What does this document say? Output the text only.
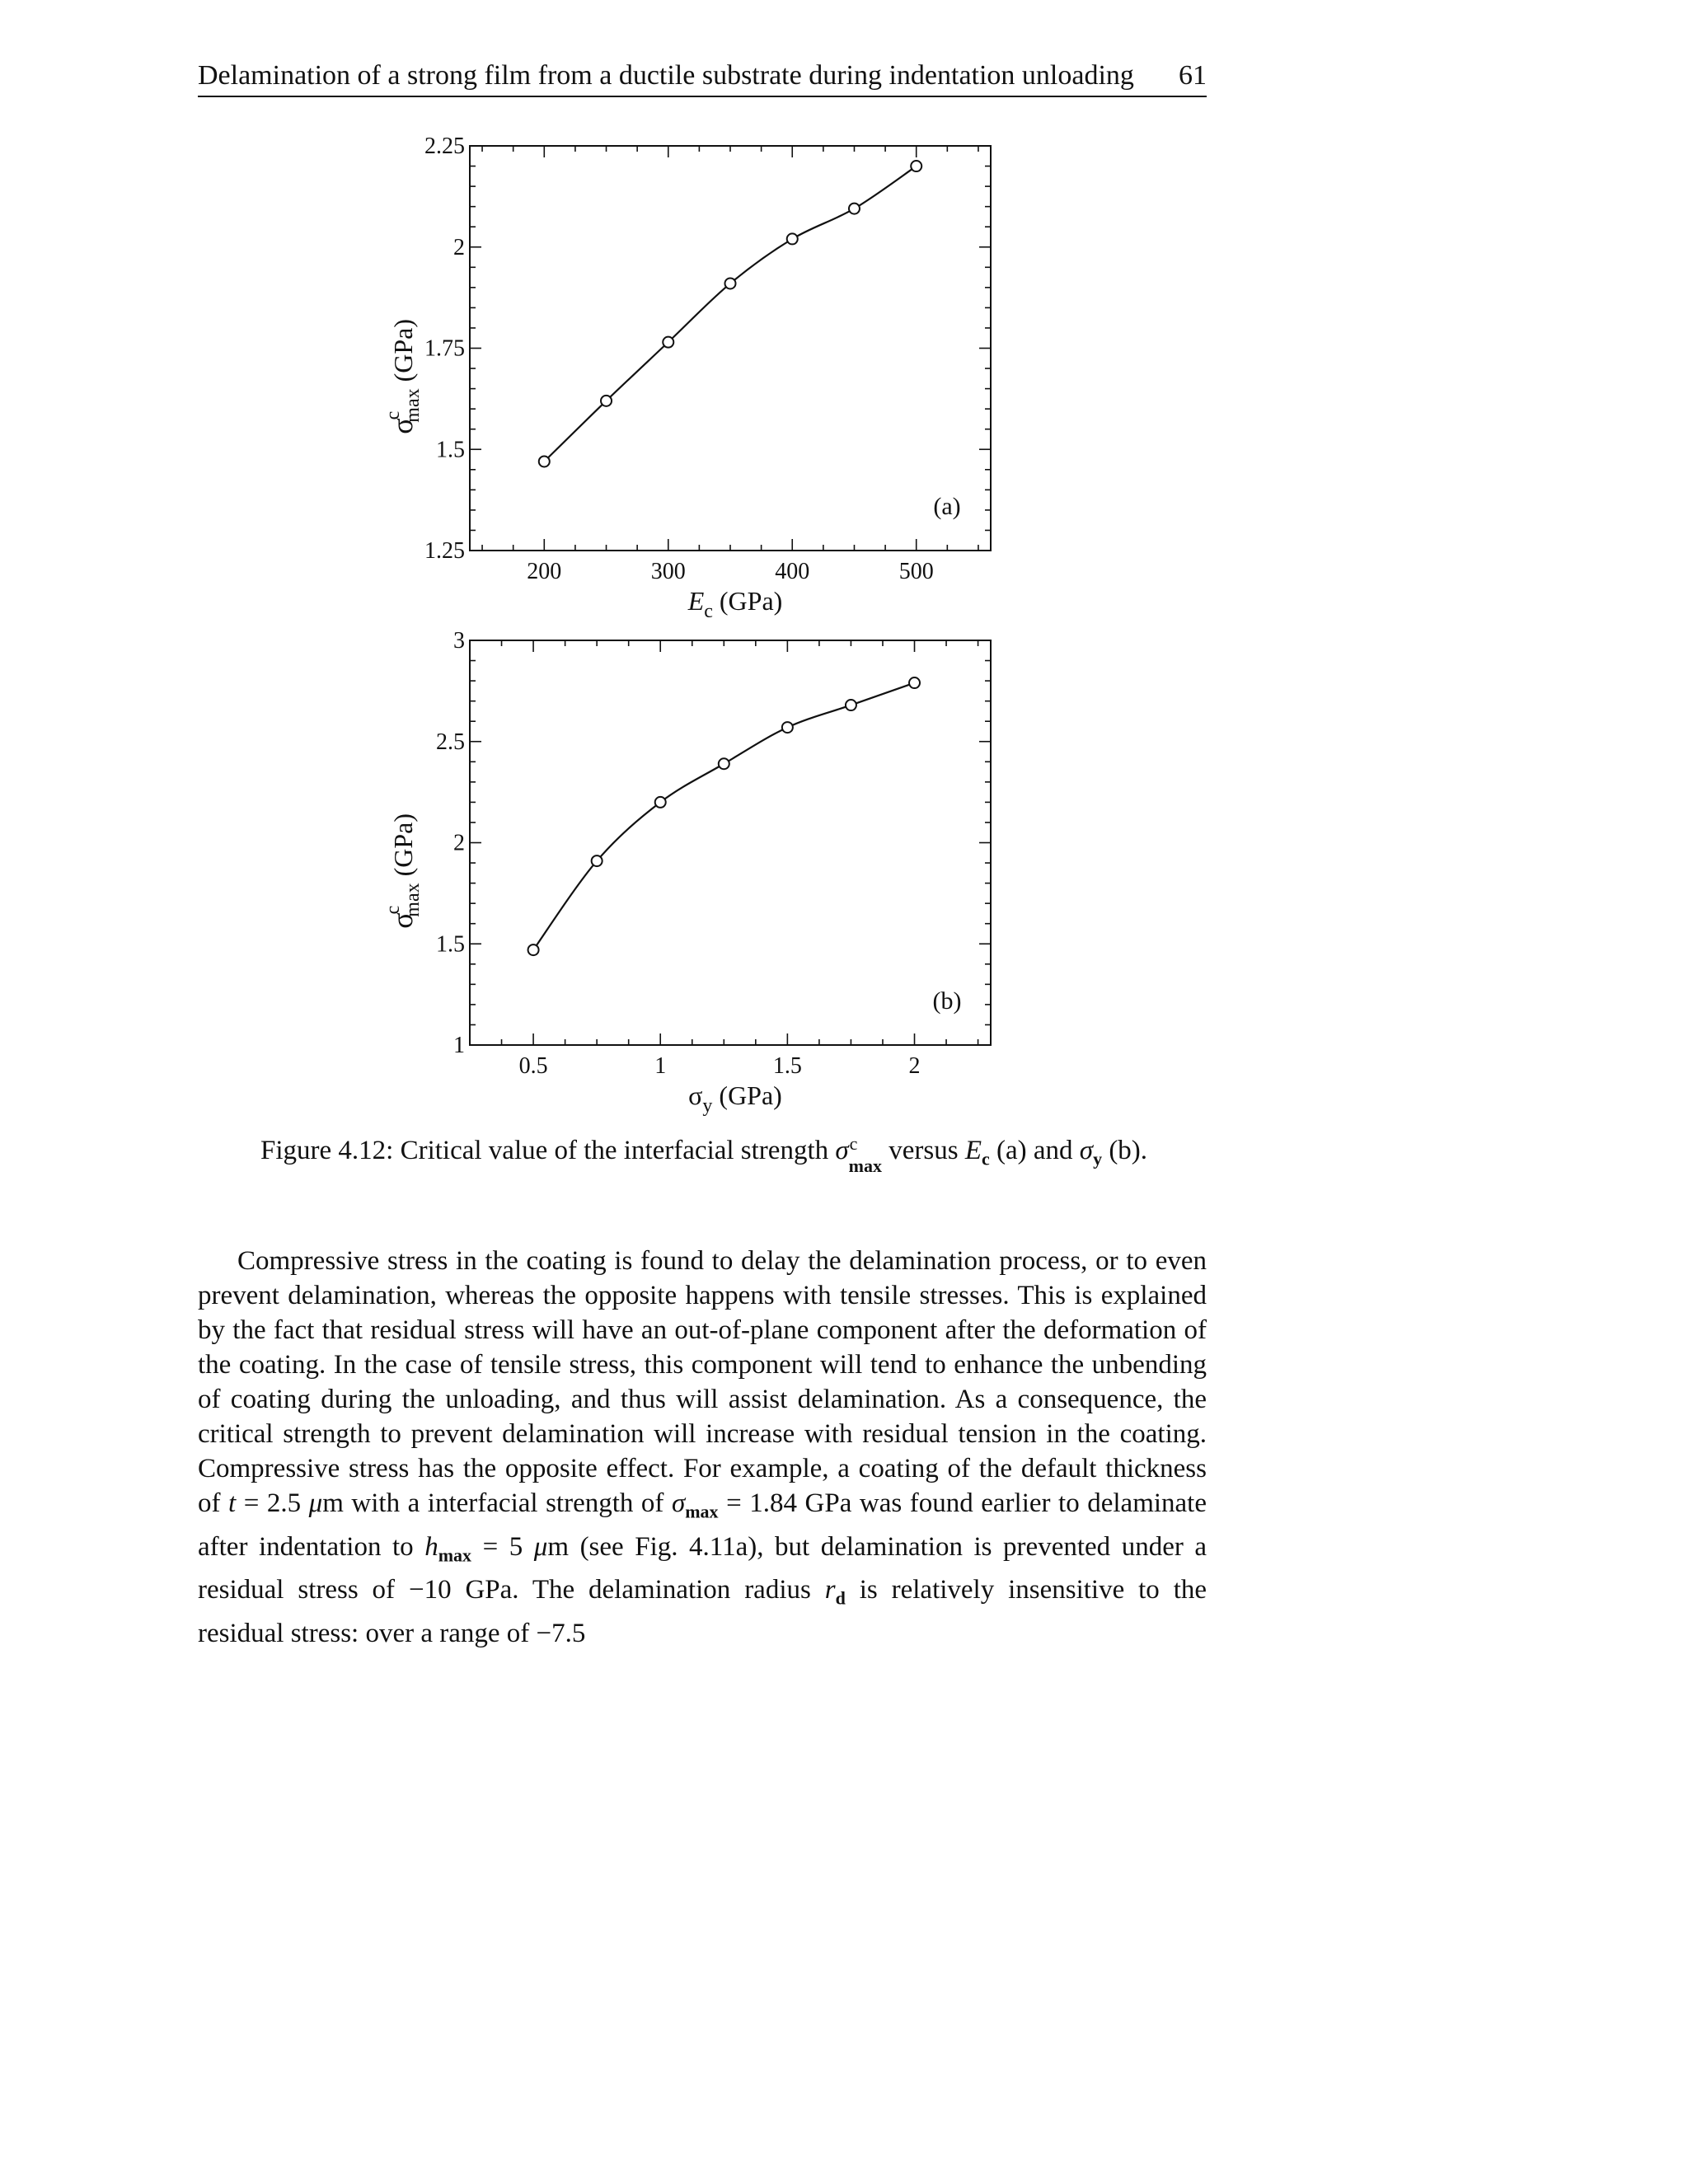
Delamination of a strong film from a ductile substrate during indentation unloading 61
200	300	400	500
1.25
1.5
1.75
2
2.25
(a)
$E_c$ (GPa)
σcmax (GPa)
0.5	1	1.5	2
1
1.5
2
2.5
3
(b)
$\sigma_y$ (GPa)
σcmax (GPa)
Figure 4.12: Critical value of the interfacial strength σ c
$_{max}$ versus $E_c$ (a) and $\sigma_y$ (b).

Compressive stress in the coating is found to delay the delamination process, or to even prevent delamination, whereas the opposite happens with tensile stresses. This is explained by the fact that residual stress will have an out-of-plane component after the deformation of the coating. In the case of tensile stress, this component will tend to enhance the unbending of coating during the unloading, and thus will assist delamination. As a consequence, the critical strength to prevent delamination will increase with residual tension in the coating. Compressive stress has the opposite effect. For example, a coating of the default thickness of t = 2.5 μm with a interfacial strength of $\sigma_{max} = 1.84$ GPa was found earlier to delaminate after indentation to $h_{max} = 5$ μm (see Fig. 4.11a), but delamination is prevented under a residual stress of −10 GPa. The delamination radius $r_d$ is relatively insensitive to the residual stress: over a range of −7.5
